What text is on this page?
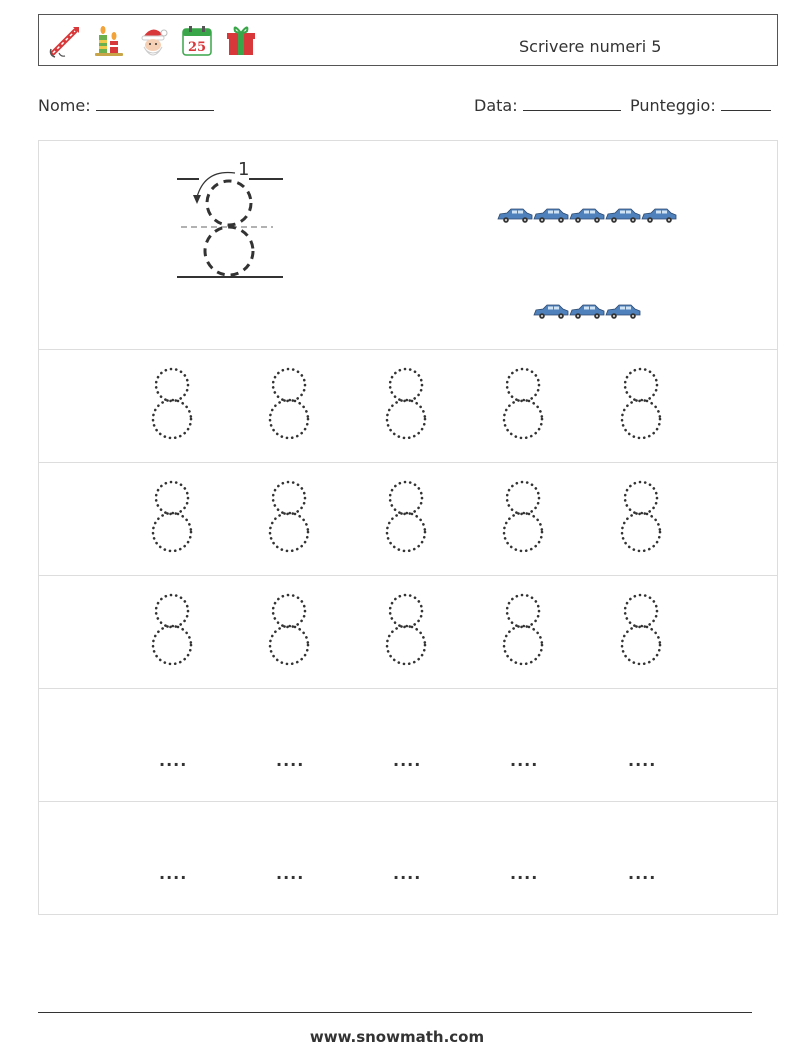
25	Scrivere numeri 5
Nome:	Data:	Punteggio:
1
....	....	....	....	....
....	....	....	....	....
www.snowmath.com
